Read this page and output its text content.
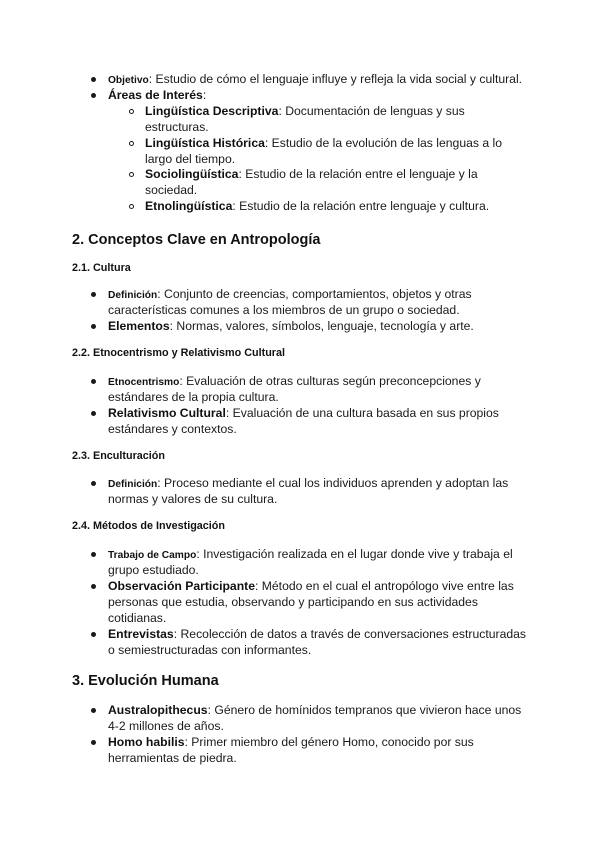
Objetivo: Estudio de cómo el lenguaje influye y refleja la vida social y cultural.
Áreas de Interés:
Lingüística Descriptiva: Documentación de lenguas y sus
estructuras.
Lingüística Histórica: Estudio de la evolución de las lenguas a lo
largo del tiempo.
Sociolingüística: Estudio de la relación entre el lenguaje y la
sociedad.
Etnolingüística: Estudio de la relación entre lenguaje y cultura.
2. Conceptos Clave en Antropología
2.1. Cultura
Definición: Conjunto de creencias, comportamientos, objetos y otras
características comunes a los miembros de un grupo o sociedad.
Elementos: Normas, valores, símbolos, lenguaje, tecnología y arte.
2.2. Etnocentrismo y Relativismo Cultural
Etnocentrismo: Evaluación de otras culturas según preconcepciones y
estándares de la propia cultura.
Relativismo Cultural: Evaluación de una cultura basada en sus propios
estándares y contextos.
2.3. Enculturación
Definición: Proceso mediante el cual los individuos aprenden y adoptan las
normas y valores de su cultura.
2.4. Métodos de Investigación
Trabajo de Campo: Investigación realizada en el lugar donde vive y trabaja el
grupo estudiado.
Observación Participante: Método en el cual el antropólogo vive entre las
personas que estudia, observando y participando en sus actividades
cotidianas.
Entrevistas: Recolección de datos a través de conversaciones estructuradas
o semiestructuradas con informantes.
3. Evolución Humana
Australopithecus: Género de homínidos tempranos que vivieron hace unos
4-2 millones de años.
Homo habilis: Primer miembro del género Homo, conocido por sus
herramientas de piedra.
